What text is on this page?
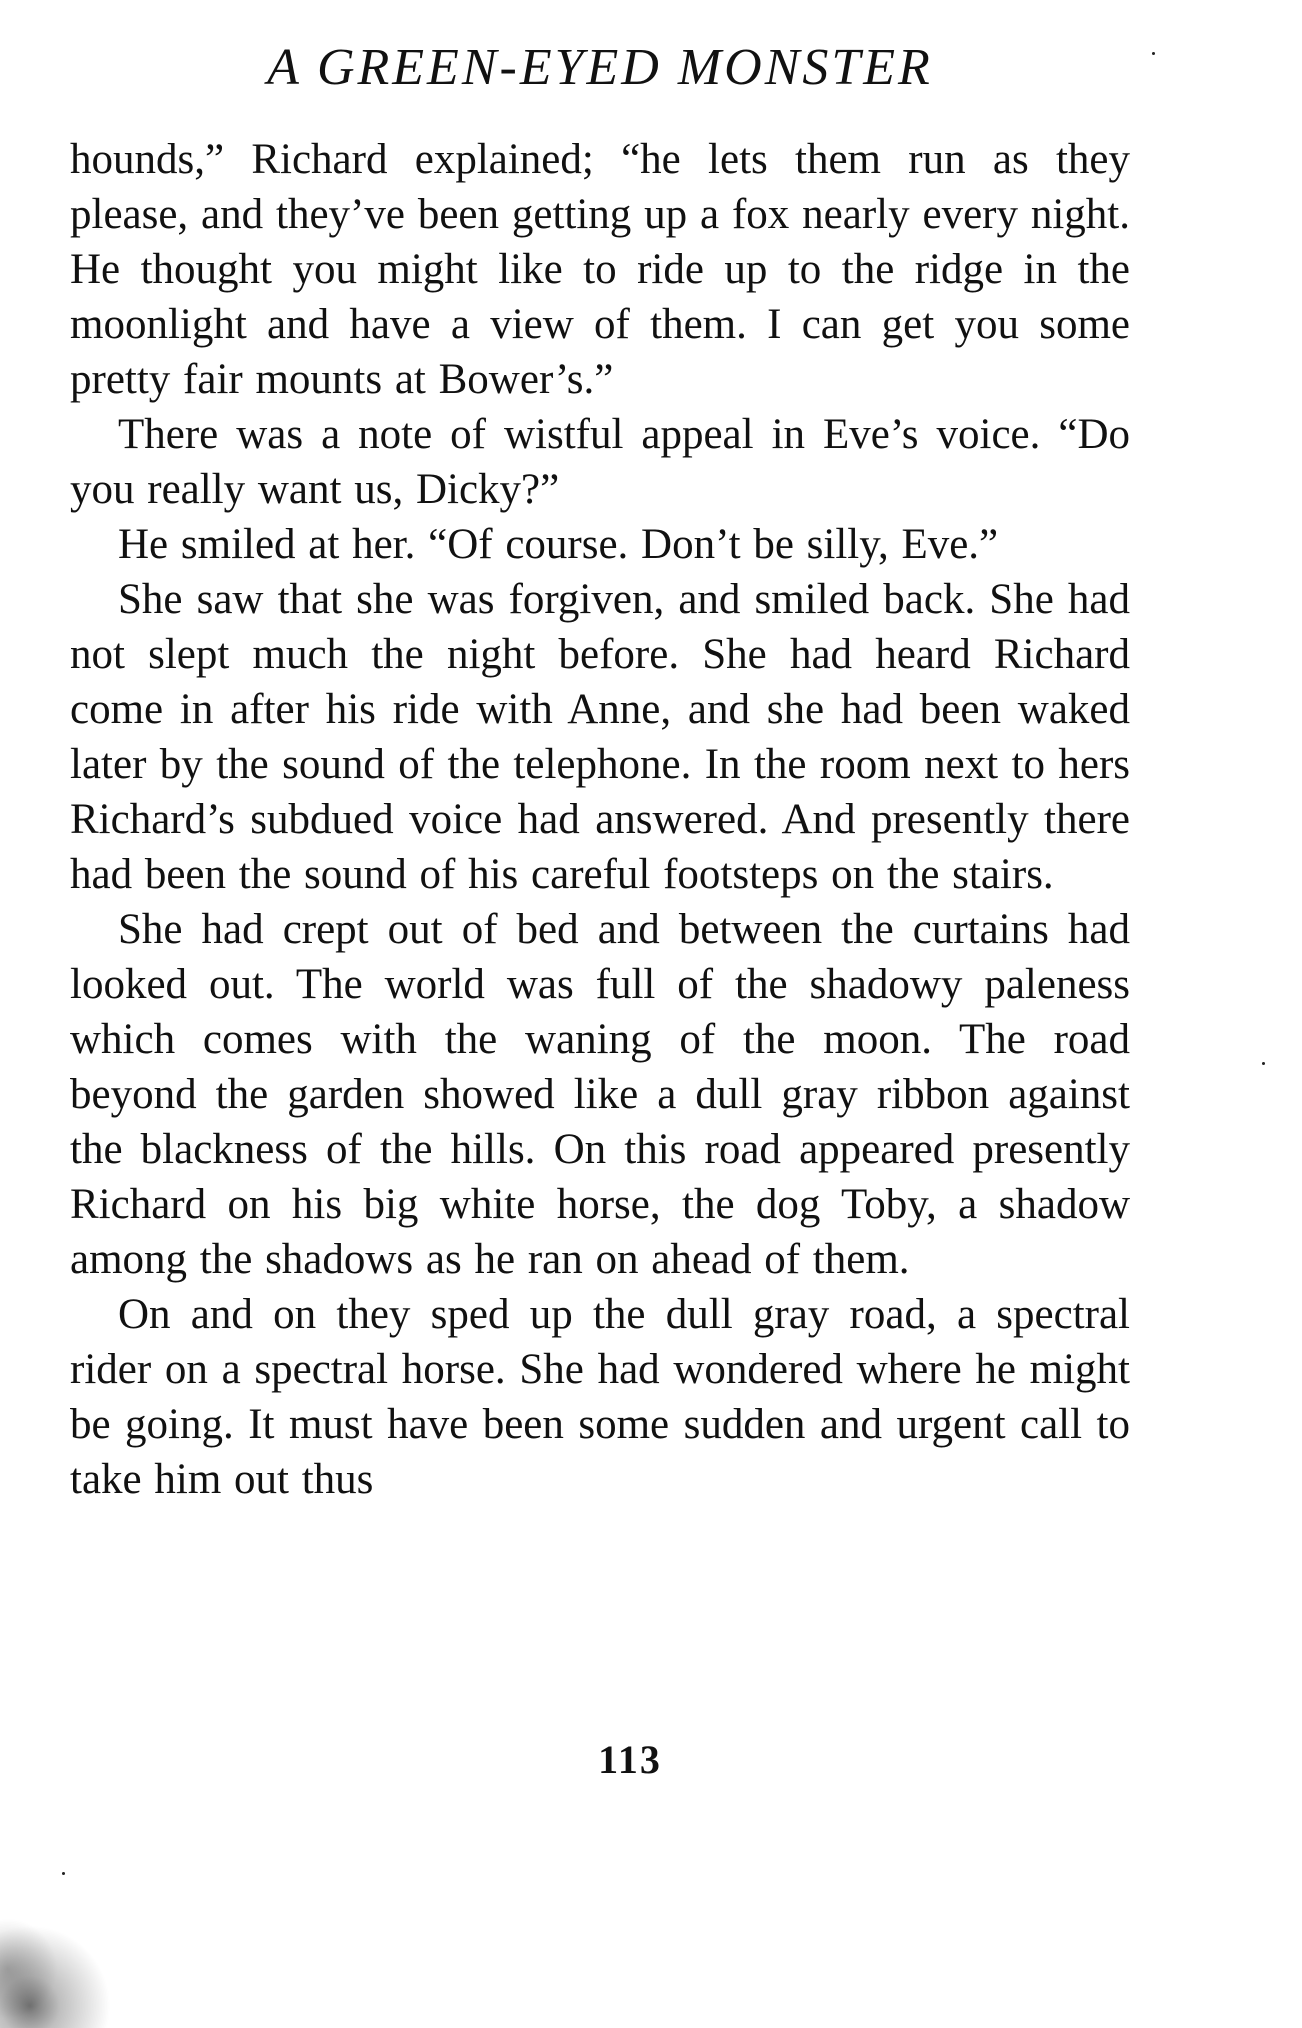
A GREEN-EYED MONSTER

hounds,” Richard explained; “he lets them run as they please, and they’ve been getting up a fox nearly every night. He thought you might like to ride up to the ridge in the moonlight and have a view of them. I can get you some pretty fair mounts at Bower’s.”

There was a note of wistful appeal in Eve’s voice. “Do you really want us, Dicky?”

He smiled at her. “Of course. Don’t be silly, Eve.”

She saw that she was forgiven, and smiled back. She had not slept much the night before. She had heard Richard come in after his ride with Anne, and she had been waked later by the sound of the telephone. In the room next to hers Richard’s subdued voice had answered. And presently there had been the sound of his careful footsteps on the stairs.

She had crept out of bed and between the curtains had looked out. The world was full of the shadowy paleness which comes with the waning of the moon. The road beyond the garden showed like a dull gray ribbon against the blackness of the hills. On this road appeared presently Richard on his big white horse, the dog Toby, a shadow among the shadows as he ran on ahead of them.

On and on they sped up the dull gray road, a spectral rider on a spectral horse. She had wondered where he might be going. It must have been some sudden and urgent call to take him out thus

113
